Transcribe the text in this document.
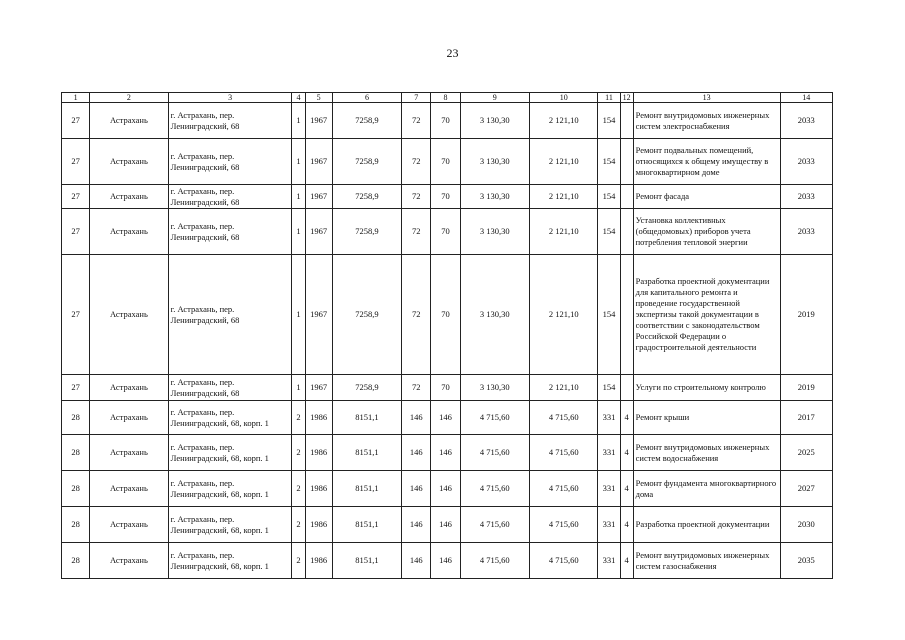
23
1	2	3	4	5	6	7	8	9	10	11	12	13	14
27	Астрахань	г. Астрахань, пер. Ленинградский, 68	1	1967	7258,9	72	70	3 130,30	2 121,10	154		Ремонт внутридомовых инженерных систем электроснабжения	2033
27	Астрахань	г. Астрахань, пер. Ленинградский, 68	1	1967	7258,9	72	70	3 130,30	2 121,10	154		Ремонт подвальных помещений, относящихся к общему имуществу в многоквартирном доме	2033
27	Астрахань	г. Астрахань, пер. Ленинградский, 68	1	1967	7258,9	72	70	3 130,30	2 121,10	154		Ремонт фасада	2033
27	Астрахань	г. Астрахань, пер. Ленинградский, 68	1	1967	7258,9	72	70	3 130,30	2 121,10	154		Установка коллективных (общедомовых) приборов учета потребления тепловой энергии	2033
27	Астрахань	г. Астрахань, пер. Ленинградский, 68	1	1967	7258,9	72	70	3 130,30	2 121,10	154		Разработка проектной документации для капитального ремонта и проведение государственной экспертизы такой документации в соответствии с законодательством Российской Федерации о градостроительной деятельности	2019
27	Астрахань	г. Астрахань, пер. Ленинградский, 68	1	1967	7258,9	72	70	3 130,30	2 121,10	154		Услуги по строительному контролю	2019
28	Астрахань	г. Астрахань, пер. Ленинградский, 68, корп. 1	2	1986	8151,1	146	146	4 715,60	4 715,60	331	4	Ремонт крыши	2017
28	Астрахань	г. Астрахань, пер. Ленинградский, 68, корп. 1	2	1986	8151,1	146	146	4 715,60	4 715,60	331	4	Ремонт внутридомовых инженерных систем водоснабжения	2025
28	Астрахань	г. Астрахань, пер. Ленинградский, 68, корп. 1	2	1986	8151,1	146	146	4 715,60	4 715,60	331	4	Ремонт фундамента многоквартирного дома	2027
28	Астрахань	г. Астрахань, пер. Ленинградский, 68, корп. 1	2	1986	8151,1	146	146	4 715,60	4 715,60	331	4	Разработка проектной документации	2030
28	Астрахань	г. Астрахань, пер. Ленинградский, 68, корп. 1	2	1986	8151,1	146	146	4 715,60	4 715,60	331	4	Ремонт внутридомовых инженерных систем газоснабжения	2035
